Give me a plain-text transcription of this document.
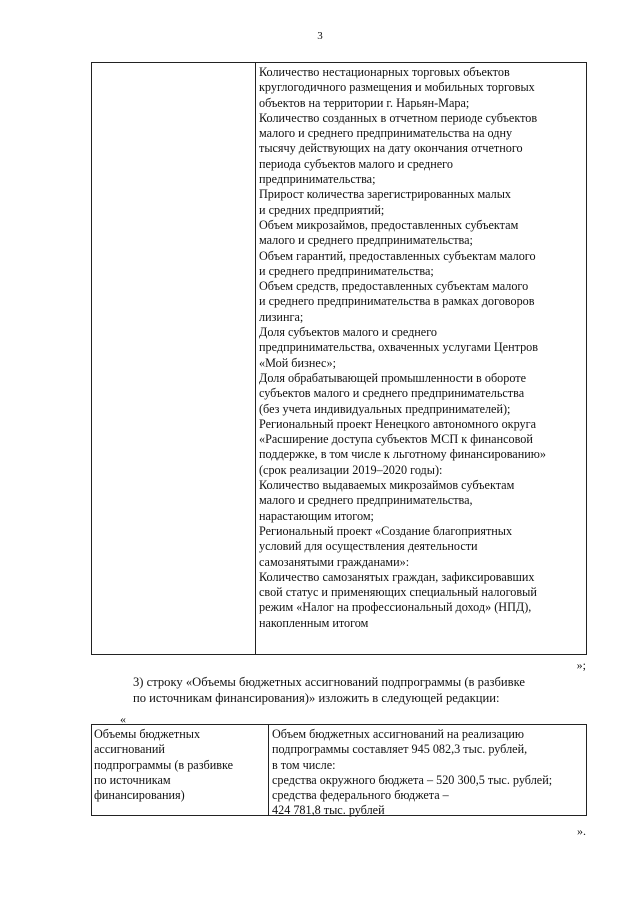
3

Количество нестационарных торговых объектов

круглогодичного размещения и мобильных торговых

объектов на территории г. Нарьян-Мара;

Количество созданных в отчетном периоде субъектов

малого и среднего предпринимательства на одну

тысячу действующих на дату окончания отчетного

периода субъектов малого и среднего

предпринимательства;

Прирост количества зарегистрированных малых

и средних предприятий;

Объем микрозаймов, предоставленных субъектам

малого и среднего предпринимательства;

Объем гарантий, предоставленных субъектам малого

и среднего предпринимательства;

Объем средств, предоставленных субъектам малого

и среднего предпринимательства в рамках договоров

лизинга;

Доля субъектов малого и среднего

предпринимательства, охваченных услугами Центров

«Мой бизнес»;

Доля обрабатывающей промышленности в обороте

субъектов малого и среднего предпринимательства

(без учета индивидуальных предпринимателей);

Региональный проект Ненецкого автономного округа

«Расширение доступа субъектов МСП к финансовой

поддержке, в том числе к льготному финансированию»

(срок реализации 2019–2020 годы):

Количество выдаваемых микрозаймов субъектам

малого и среднего предпринимательства,

нарастающим итогом;

Региональный проект «Создание благоприятных

условий для осуществления деятельности

самозанятыми гражданами»:

Количество самозанятых граждан, зафиксировавших

свой статус и применяющих специальный налоговый

режим «Налог на профессиональный доход» (НПД),

накопленным итогом

»;

3) строку «Объемы бюджетных ассигнований подпрограммы (в разбивке

по источникам финансирования)» изложить в следующей редакции:

«

Объемы бюджетных

ассигнований

подпрограммы (в разбивке

по источникам

финансирования)

Объем бюджетных ассигнований на реализацию

подпрограммы составляет 945 082,3 тыс. рублей,

в том числе:

средства окружного бюджета – 520 300,5 тыс. рублей;

средства федерального бюджета –

424 781,8 тыс. рублей

».
